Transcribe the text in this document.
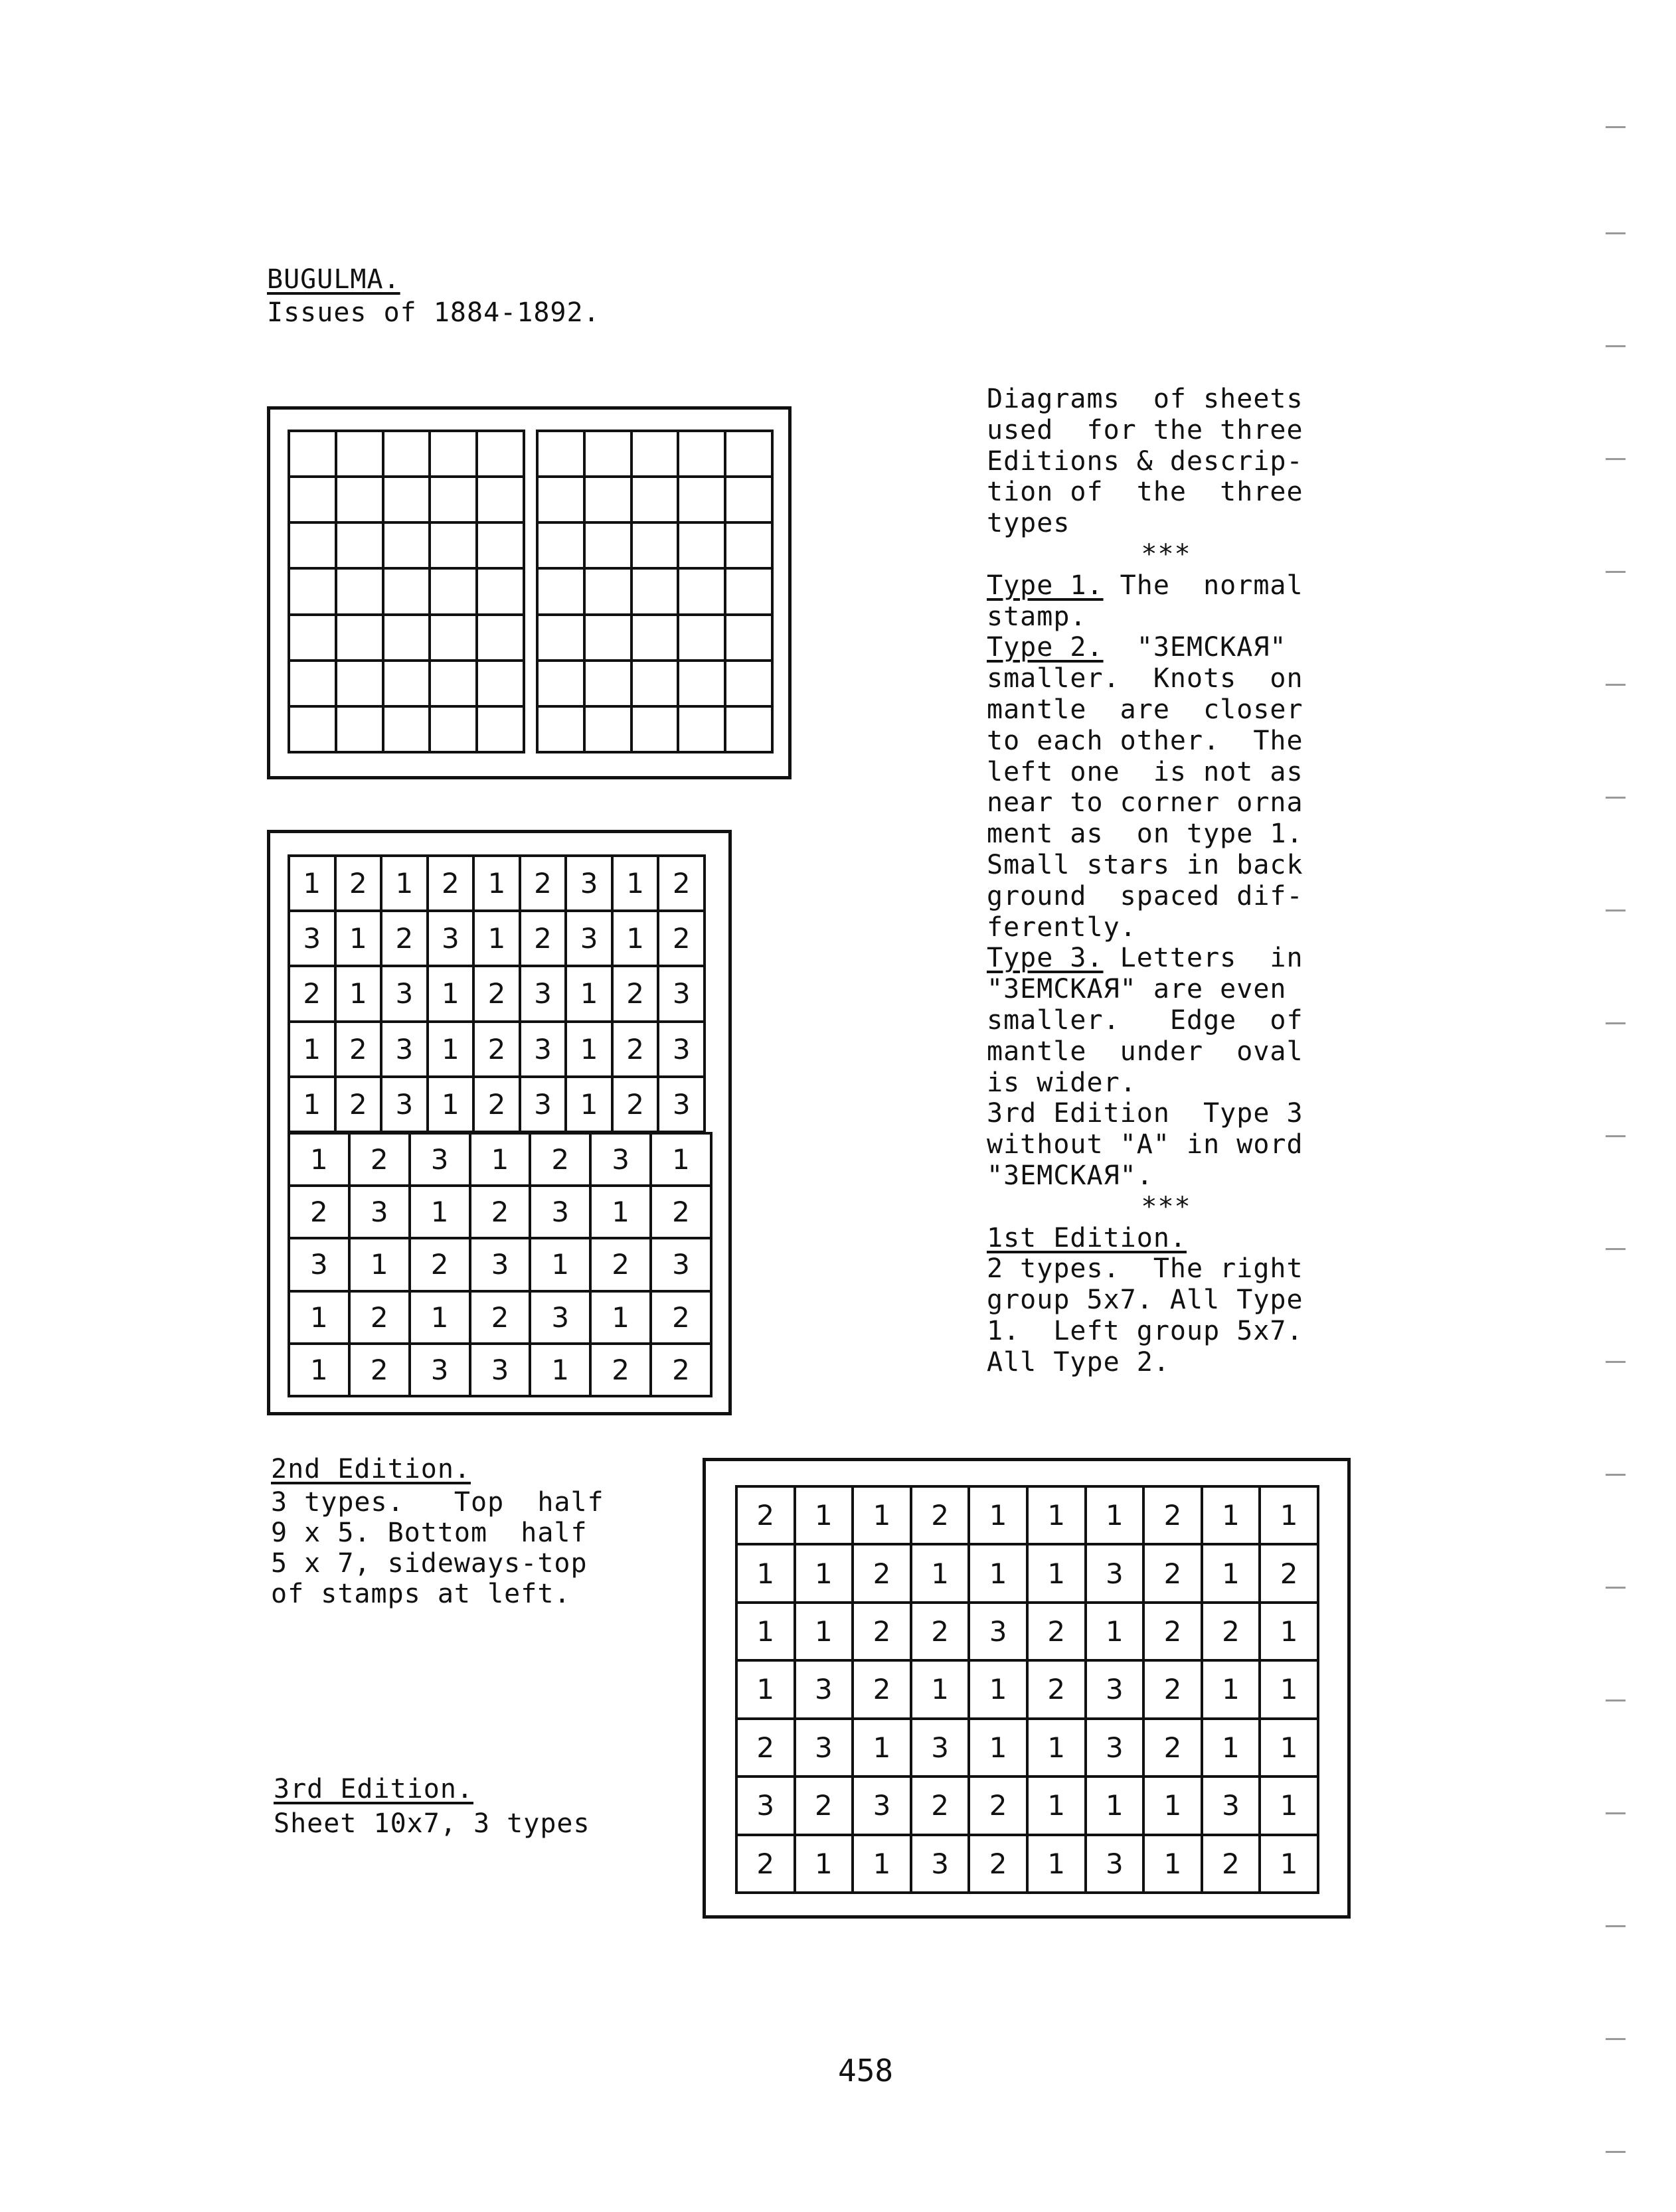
BUGULMA.
Issues of 1884-1892.

1	2	1	2	1	2	3	1	2
3	1	2	3	1	2	3	1	2
2	1	3	1	2	3	1	2	3
1	2	3	1	2	3	1	2	3
1	2	3	1	2	3	1	2	3
1	2	3	1	2	3	1
2	3	1	2	3	1	2
3	1	2	3	1	2	3
1	2	1	2	3	1	2
1	2	3	3	1	2	2
Diagrams  of sheets
used  for the three
Editions & descrip-
tion of  the  three
types
***
Type 1. The  normal
stamp.
Type 2.  "ЗEMCKAЯ"
smaller.  Knots  on
mantle  are  closer
to each other.  The
left one  is not as
near to corner orna
ment as  on type 1.
Small stars in back
ground  spaced dif-
ferently.
Type 3. Letters  in
"ЗEMCKAЯ" are even
smaller.   Edge  of
mantle  under  oval
is wider.
3rd Edition  Type 3
without "A" in word
"ЗEMCKAЯ".
***
1st Edition.
2 types.  The right
group 5x7. All Type
1.  Left group 5x7.
All Type 2.
2nd Edition.
3 types.   Top  half
9 x 5. Bottom  half
5 x 7, sideways-top
of stamps at left.
3rd Edition.
Sheet 10x7, 3 types
2	1	1	2	1	1	1	2	1	1
1	1	2	1	1	1	3	2	1	2
1	1	2	2	3	2	1	2	2	1
1	3	2	1	1	2	3	2	1	1
2	3	1	3	1	1	3	2	1	1
3	2	3	2	2	1	1	1	3	1
2	1	1	3	2	1	3	1	2	1
458
